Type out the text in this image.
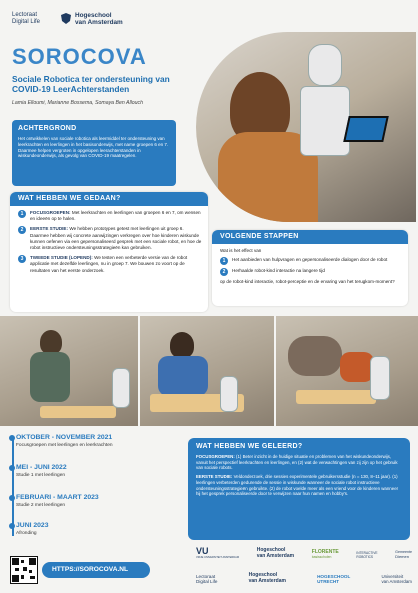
Lectoraat
Digital Life
Hogeschool
van Amsterdam
SOROCOVA
Sociale Robotica ter ondersteuning van
COVID-19 LeerAchterstanden
Lamia Elloumi, Marianne Bossema, Somaya Ben Allouch
ACHTERGROND
Het ontwikkelen van sociale robotica als leermiddel ter ondersteuning van leerkrachten en leerlingen in het basisonderwijs, met name groepen 6 en 7. Daarmee helpen vergroten in opgelopen leerachterstanden in wiskundeonderwijs, als gevolg van COVID-19 maatregelen.
WAT HEBBEN WE GEDAAN?
1	FOCUSGROEPEN: Met leerkrachten en leerlingen van groepen 6 en 7, om wensen en ideeën op te halen.
2	EERSTE STUDIE: We hebben prototypes getest met leerlingen uit groep 6. Daarmee hebben wij concrete aanwijzingen verkregen over hoe kinderen wiskunde kunnen oefenen via een gepersonaliseerd gesprek met een sociale robot, en hoe de robot instructieve ondersteuningsstrategieën kan gebruiken.
3	TWEEDE STUDIE (LOPEND): We testen een verbeterde versie van de robot applicatie met dezelfde leerlingen, nu in groep 7. We bouwen zo voort op de resultaten van het eerste onderzoek.
VOLGENDE STAPPEN
Wat is het effect van
1	Het aanbieden van hulpvragen en gepersonaliseerde dialogen door de robot
2	Herhaalde robot-kind interactie na langere tijd
op de robot-kind interactie, robot-perceptie en de ervaring van het terugkom-moment?
OKTOBER - NOVEMBER 2021
Focusgroepen met leerlingen en leerkrachten
MEI - JUNI 2022
Studie 1 met leerlingen
FEBRUARI - MAART 2023
Studie 2 met leerlingen
JUNI 2023
Afronding
WAT HEBBEN WE GELEERD?
FOCUSGROEPEN: (1) Beter inzicht in de huidige situatie en problemen van het wiskundeonderwijs, vanuit het perspectief leerkrachten en leerlingen, en (2) wat de verwachtingen van zij zijn op het gebruik van sociale robots.
EERSTE STUDIE: Veldonderzoek, drie sessies experimentele gebruikersstudie (n = 130, 8–11 jaar). (1) leerlingen verbeterden gedurende de sessie in wiskunde wanneer de sociale robot instructieve ondersteuningsstrategieën gebruikte. (2) de robot voelde meer als een vriend voor de kinderen wanneer hij het gesprek personaliseerde door te verwijzen naar hun namen en hobby's.
HTTPS://SOROCOVA.NL
VU
VRIJE UNIVERSITEIT AMSTERDAM
Hogeschool
van Amsterdam
FLORENTE
basisscholen
INTERACTIVE
ROBOTICS
Gemeente
Diemen
Lectoraat
Digital Life
Hogeschool
van Amsterdam
HOGESCHOOL
UTRECHT
Universiteit
van Amsterdam
